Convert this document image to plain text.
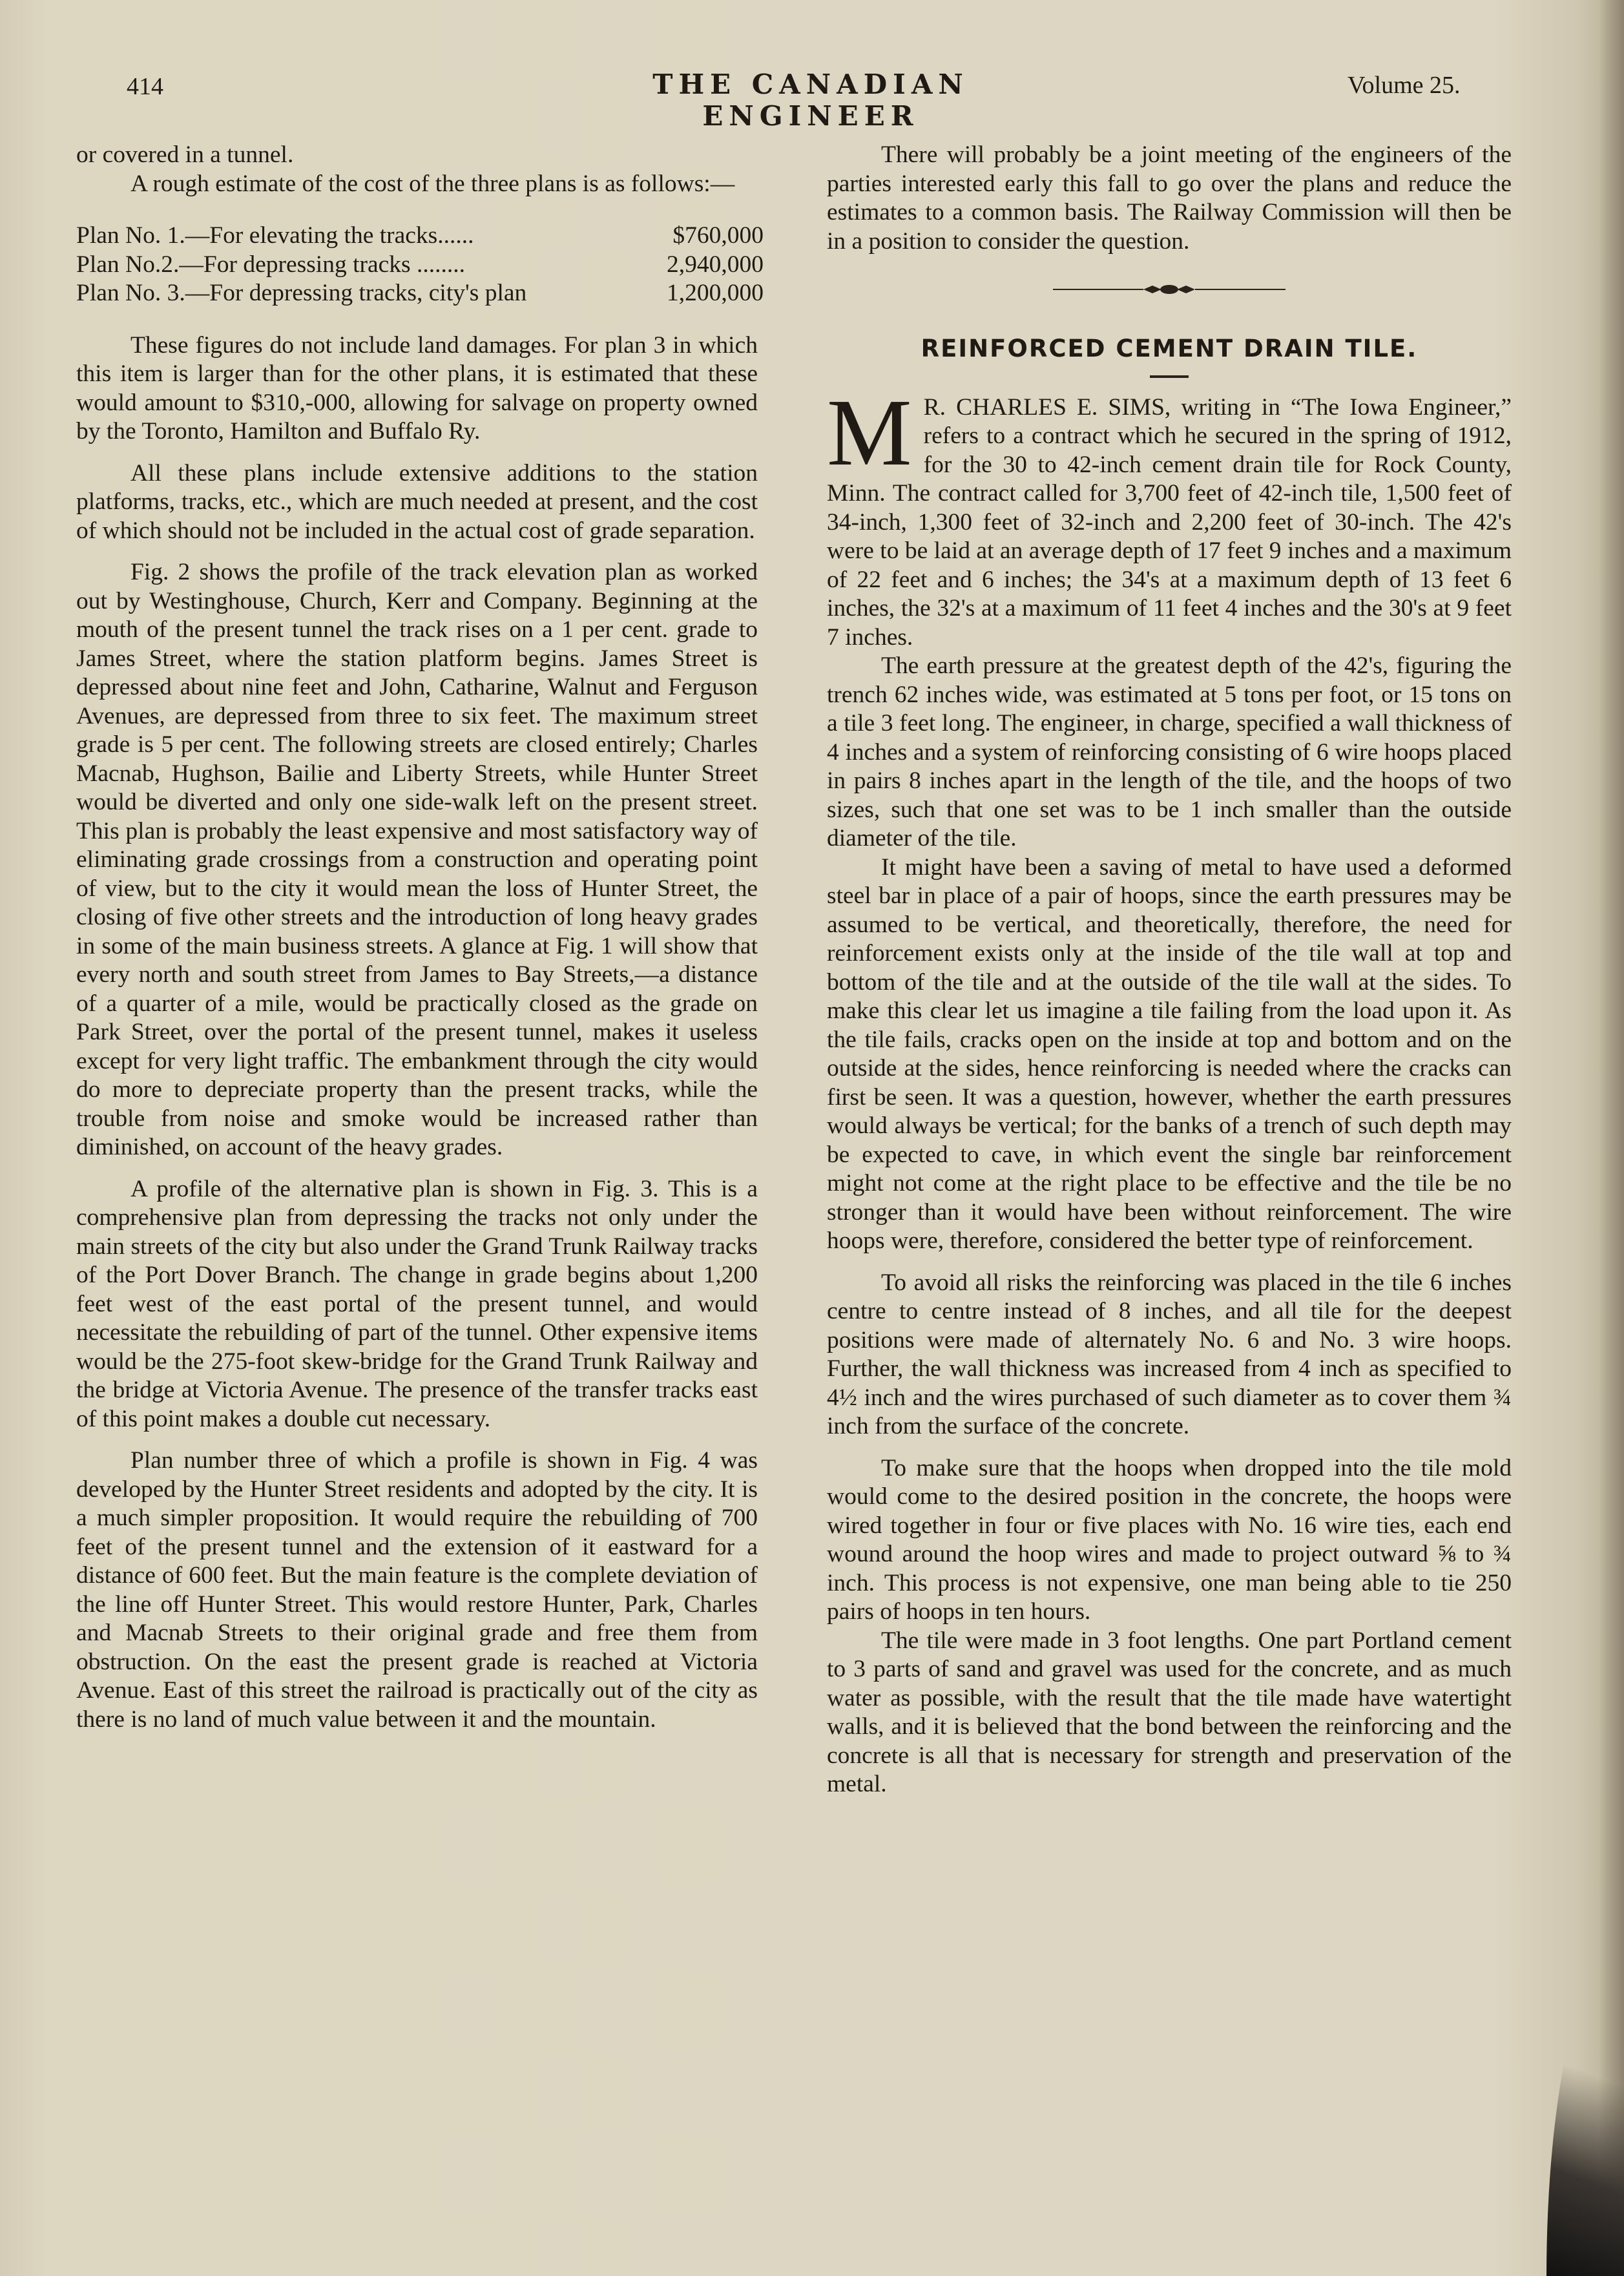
414	THE CANADIAN ENGINEER
Volume 25.

or covered in a tunnel.

A rough estimate of the cost of the three plans is as follows:—

Plan No. 1.—For elevating the tracks......	$760,000
Plan No.2.—For depressing tracks ........	2,940,000
Plan No. 3.—For depressing tracks, city's plan	1,200,000

These figures do not include land damages. For plan 3 in which this item is larger than for the other plans, it is estimated that these would amount to $310,-000, allowing for salvage on property owned by the Toronto, Hamilton and Buffalo Ry.

All these plans include extensive additions to the station platforms, tracks, etc., which are much needed at present, and the cost of which should not be included in the actual cost of grade separation.

Fig. 2 shows the profile of the track elevation plan as worked out by Westinghouse, Church, Kerr and Company. Beginning at the mouth of the present tunnel the track rises on a 1 per cent. grade to James Street, where the station platform begins. James Street is depressed about nine feet and John, Catharine, Walnut and Ferguson Avenues, are depressed from three to six feet. The maximum street grade is 5 per cent. The following streets are closed entirely; Charles Macnab, Hughson, Bailie and Liberty Streets, while Hunter Street would be diverted and only one side-walk left on the present street. This plan is probably the least expensive and most satisfactory way of eliminating grade crossings from a construction and operating point of view, but to the city it would mean the loss of Hunter Street, the closing of five other streets and the introduction of long heavy grades in some of the main business streets. A glance at Fig. 1 will show that every north and south street from James to Bay Streets,—a distance of a quarter of a mile, would be practically closed as the grade on Park Street, over the portal of the present tunnel, makes it useless except for very light traffic. The embankment through the city would do more to depreciate property than the present tracks, while the trouble from noise and smoke would be increased rather than diminished, on account of the heavy grades.

A profile of the alternative plan is shown in Fig. 3. This is a comprehensive plan from depressing the tracks not only under the main streets of the city but also under the Grand Trunk Railway tracks of the Port Dover Branch. The change in grade begins about 1,200 feet west of the east portal of the present tunnel, and would necessitate the rebuilding of part of the tunnel. Other expensive items would be the 275-foot skew-bridge for the Grand Trunk Railway and the bridge at Victoria Avenue. The presence of the transfer tracks east of this point makes a double cut necessary.

Plan number three of which a profile is shown in Fig. 4 was developed by the Hunter Street residents and adopted by the city. It is a much simpler proposition. It would require the rebuilding of 700 feet of the present tunnel and the extension of it eastward for a distance of 600 feet. But the main feature is the complete deviation of the line off Hunter Street. This would restore Hunter, Park, Charles and Macnab Streets to their original grade and free them from obstruction. On the east the present grade is reached at Victoria Avenue. East of this street the railroad is practically out of the city as there is no land of much value between it and the mountain.

There will probably be a joint meeting of the engineers of the parties interested early this fall to go over the plans and reduce the estimates to a common basis. The Railway Commission will then be in a position to consider the question.

REINFORCED CEMENT DRAIN TILE.

M R. CHARLES E. SIMS, writing in “The Iowa Engineer,” refers to a contract which he secured in the spring of 1912, for the 30 to 42-inch cement drain tile for Rock County, Minn. The contract called for 3,700 feet of 42-inch tile, 1,500 feet of 34-inch, 1,300 feet of 32-inch and 2,200 feet of 30-inch. The 42's were to be laid at an average depth of 17 feet 9 inches and a maximum of 22 feet and 6 inches; the 34's at a maximum depth of 13 feet 6 inches, the 32's at a maximum of 11 feet 4 inches and the 30's at 9 feet 7 inches.

The earth pressure at the greatest depth of the 42's, figuring the trench 62 inches wide, was estimated at 5 tons per foot, or 15 tons on a tile 3 feet long. The engineer, in charge, specified a wall thickness of 4 inches and a system of reinforcing consisting of 6 wire hoops placed in pairs 8 inches apart in the length of the tile, and the hoops of two sizes, such that one set was to be 1 inch smaller than the outside diameter of the tile.

It might have been a saving of metal to have used a deformed steel bar in place of a pair of hoops, since the earth pressures may be assumed to be vertical, and theoretically, therefore, the need for reinforcement exists only at the inside of the tile wall at top and bottom of the tile and at the outside of the tile wall at the sides. To make this clear let us imagine a tile failing from the load upon it. As the tile fails, cracks open on the inside at top and bottom and on the outside at the sides, hence reinforcing is needed where the cracks can first be seen. It was a question, however, whether the earth pressures would always be vertical; for the banks of a trench of such depth may be expected to cave, in which event the single bar reinforcement might not come at the right place to be effective and the tile be no stronger than it would have been without reinforcement. The wire hoops were, therefore, considered the better type of reinforcement.

To avoid all risks the reinforcing was placed in the tile 6 inches centre to centre instead of 8 inches, and all tile for the deepest positions were made of alternately No. 6 and No. 3 wire hoops. Further, the wall thickness was increased from 4 inch as specified to 4½ inch and the wires purchased of such diameter as to cover them ¾ inch from the surface of the concrete.

To make sure that the hoops when dropped into the tile mold would come to the desired position in the concrete, the hoops were wired together in four or five places with No. 16 wire ties, each end wound around the hoop wires and made to project outward ⅝ to ¾ inch. This process is not expensive, one man being able to tie 250 pairs of hoops in ten hours.

The tile were made in 3 foot lengths. One part Portland cement to 3 parts of sand and gravel was used for the concrete, and as much water as possible, with the result that the tile made have watertight walls, and it is believed that the bond between the reinforcing and the concrete is all that is necessary for strength and preservation of the metal.
